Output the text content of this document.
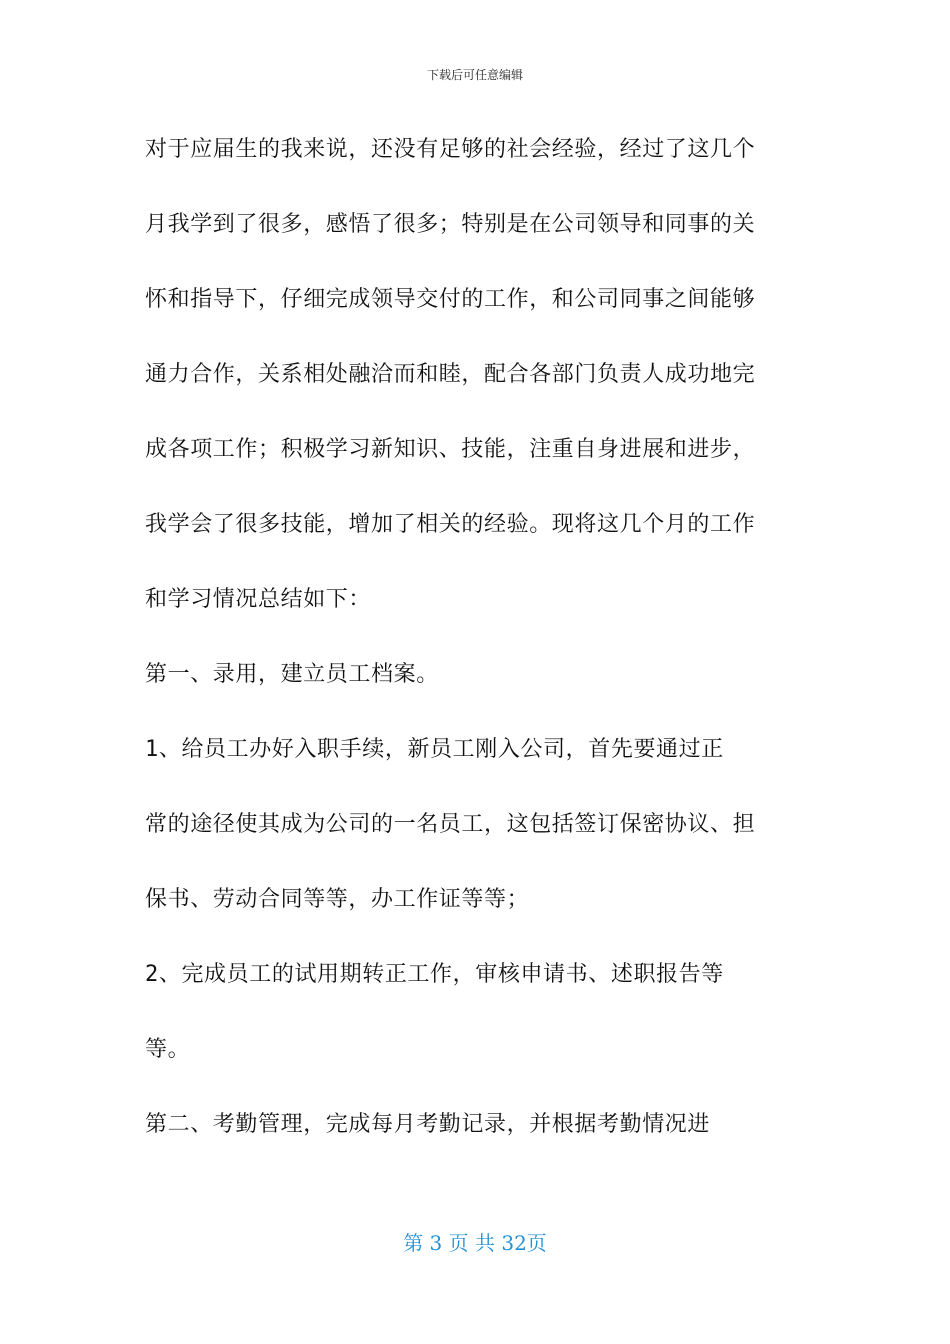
下载后可任意编辑
对于应届生的我来说，还没有足够的社会经验，经过了这几个
月我学到了很多，感悟了很多；特别是在公司领导和同事的关
怀和指导下，仔细完成领导交付的工作，和公司同事之间能够
通力合作，关系相处融洽而和睦，配合各部门负责人成功地完
成各项工作；积极学习新知识、技能，注重自身进展和进步，
我学会了很多技能，增加了相关的经验。现将这几个月的工作
和学习情况总结如下：
第一、录用，建立员工档案。
1、给员工办好入职手续，新员工刚入公司，首先要通过正
常的途径使其成为公司的一名员工，这包括签订保密协议、担
保书、劳动合同等等，办工作证等等；
2、完成员工的试用期转正工作，审核申请书、述职报告等
等。
第二、考勤管理，完成每月考勤记录，并根据考勤情况进
第 3 页 共 32页
